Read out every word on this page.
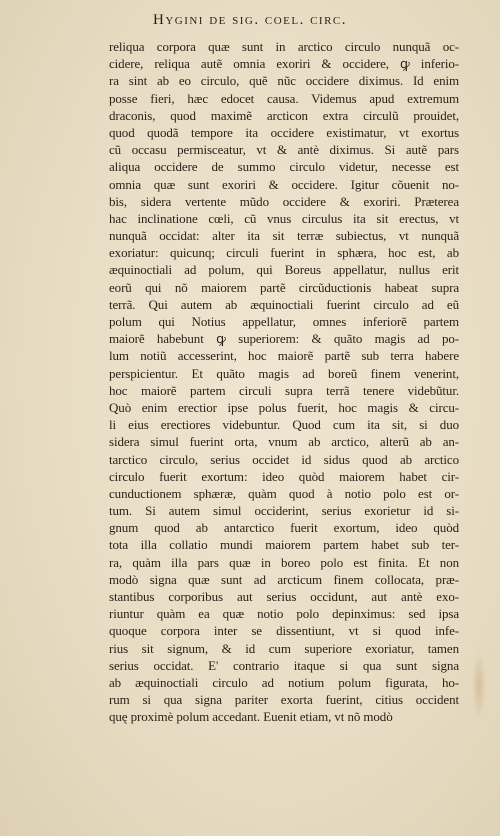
Hygini de sig. coel. circ.
reliqua corpora quæ sunt in arctico circulo nunquã oc-
cidere, reliqua autẽ omnia exoriri & occidere, ꝙ inferio-
ra sint ab eo circulo, quẽ nũc occidere diximus. Id enim
posse fieri, hæc edocet causa. Videmus apud extremum
draconis, quod maximẽ arcticon extra circulũ prouidet,
quod quodã tempore ita occidere existimatur, vt exortus
cũ occasu permisceatur, vt & antè diximus. Si autẽ pars
aliqua occidere de summo circulo videtur, necesse est
omnia quæ sunt exoriri & occidere. Igitur cõuenit no-
bis, sidera vertente mũdo occidere & exoriri. Præterea
hac inclinatione cœli, cũ vnus circulus ita sit erectus, vt
nunquã occidat: alter ita sit terræ subiectus, vt nunquã
exoriatur: quicunq; circuli fuerint in sphæra, hoc est, ab
æquinoctiali ad polum, qui Boreus appellatur, nullus erit
eorũ qui nõ maiorem partẽ circũductionis habeat supra
terrã. Qui autem ab æquinoctiali fuerint circulo ad eũ
polum qui Notius appellatur, omnes inferiorẽ partem
maiorẽ habebunt ꝙ superiorem: & quãto magis ad po-
lum notiũ accesserint, hoc maiorẽ partẽ sub terra habere
perspicientur. Et quãto magis ad boreũ finem venerint,
hoc maiorẽ partem circuli supra terrã tenere videbũtur.
Quò enim erectior ipse polus fuerit, hoc magis & circu-
li eius erectiores videbuntur. Quod cum ita sit, si duo
sidera simul fuerint orta, vnum ab arctico, alterũ ab an-
tarctico circulo, serius occidet id sidus quod ab arctico
circulo fuerit exortum: ideo quòd maiorem habet cir-
cunductionem sphæræ, quàm quod à notio polo est or-
tum. Si autem simul occiderint, serius exorietur id si-
gnum quod ab antarctico fuerit exortum, ideo quòd
tota illa collatio mundi maiorem partem habet sub ter-
ra, quàm illa pars quæ in boreo polo est finita. Et non
modò signa quæ sunt ad arcticum finem collocata, præ-
stantibus corporibus aut serius occidunt, aut antè exo-
riuntur quàm ea quæ notio polo depinximus: sed ipsa
quoque corpora inter se dissentiunt, vt si quod infe-
rius sit signum, & id cum superiore exoriatur, tamen
serius occidat. E' contrario itaque si qua sunt signa
ab æquinoctiali circulo ad notium polum figurata, ho-
rum si qua signa pariter exorta fuerint, citius occident
quę proximè polum accedant. Euenit etiam, vt nõ modò
